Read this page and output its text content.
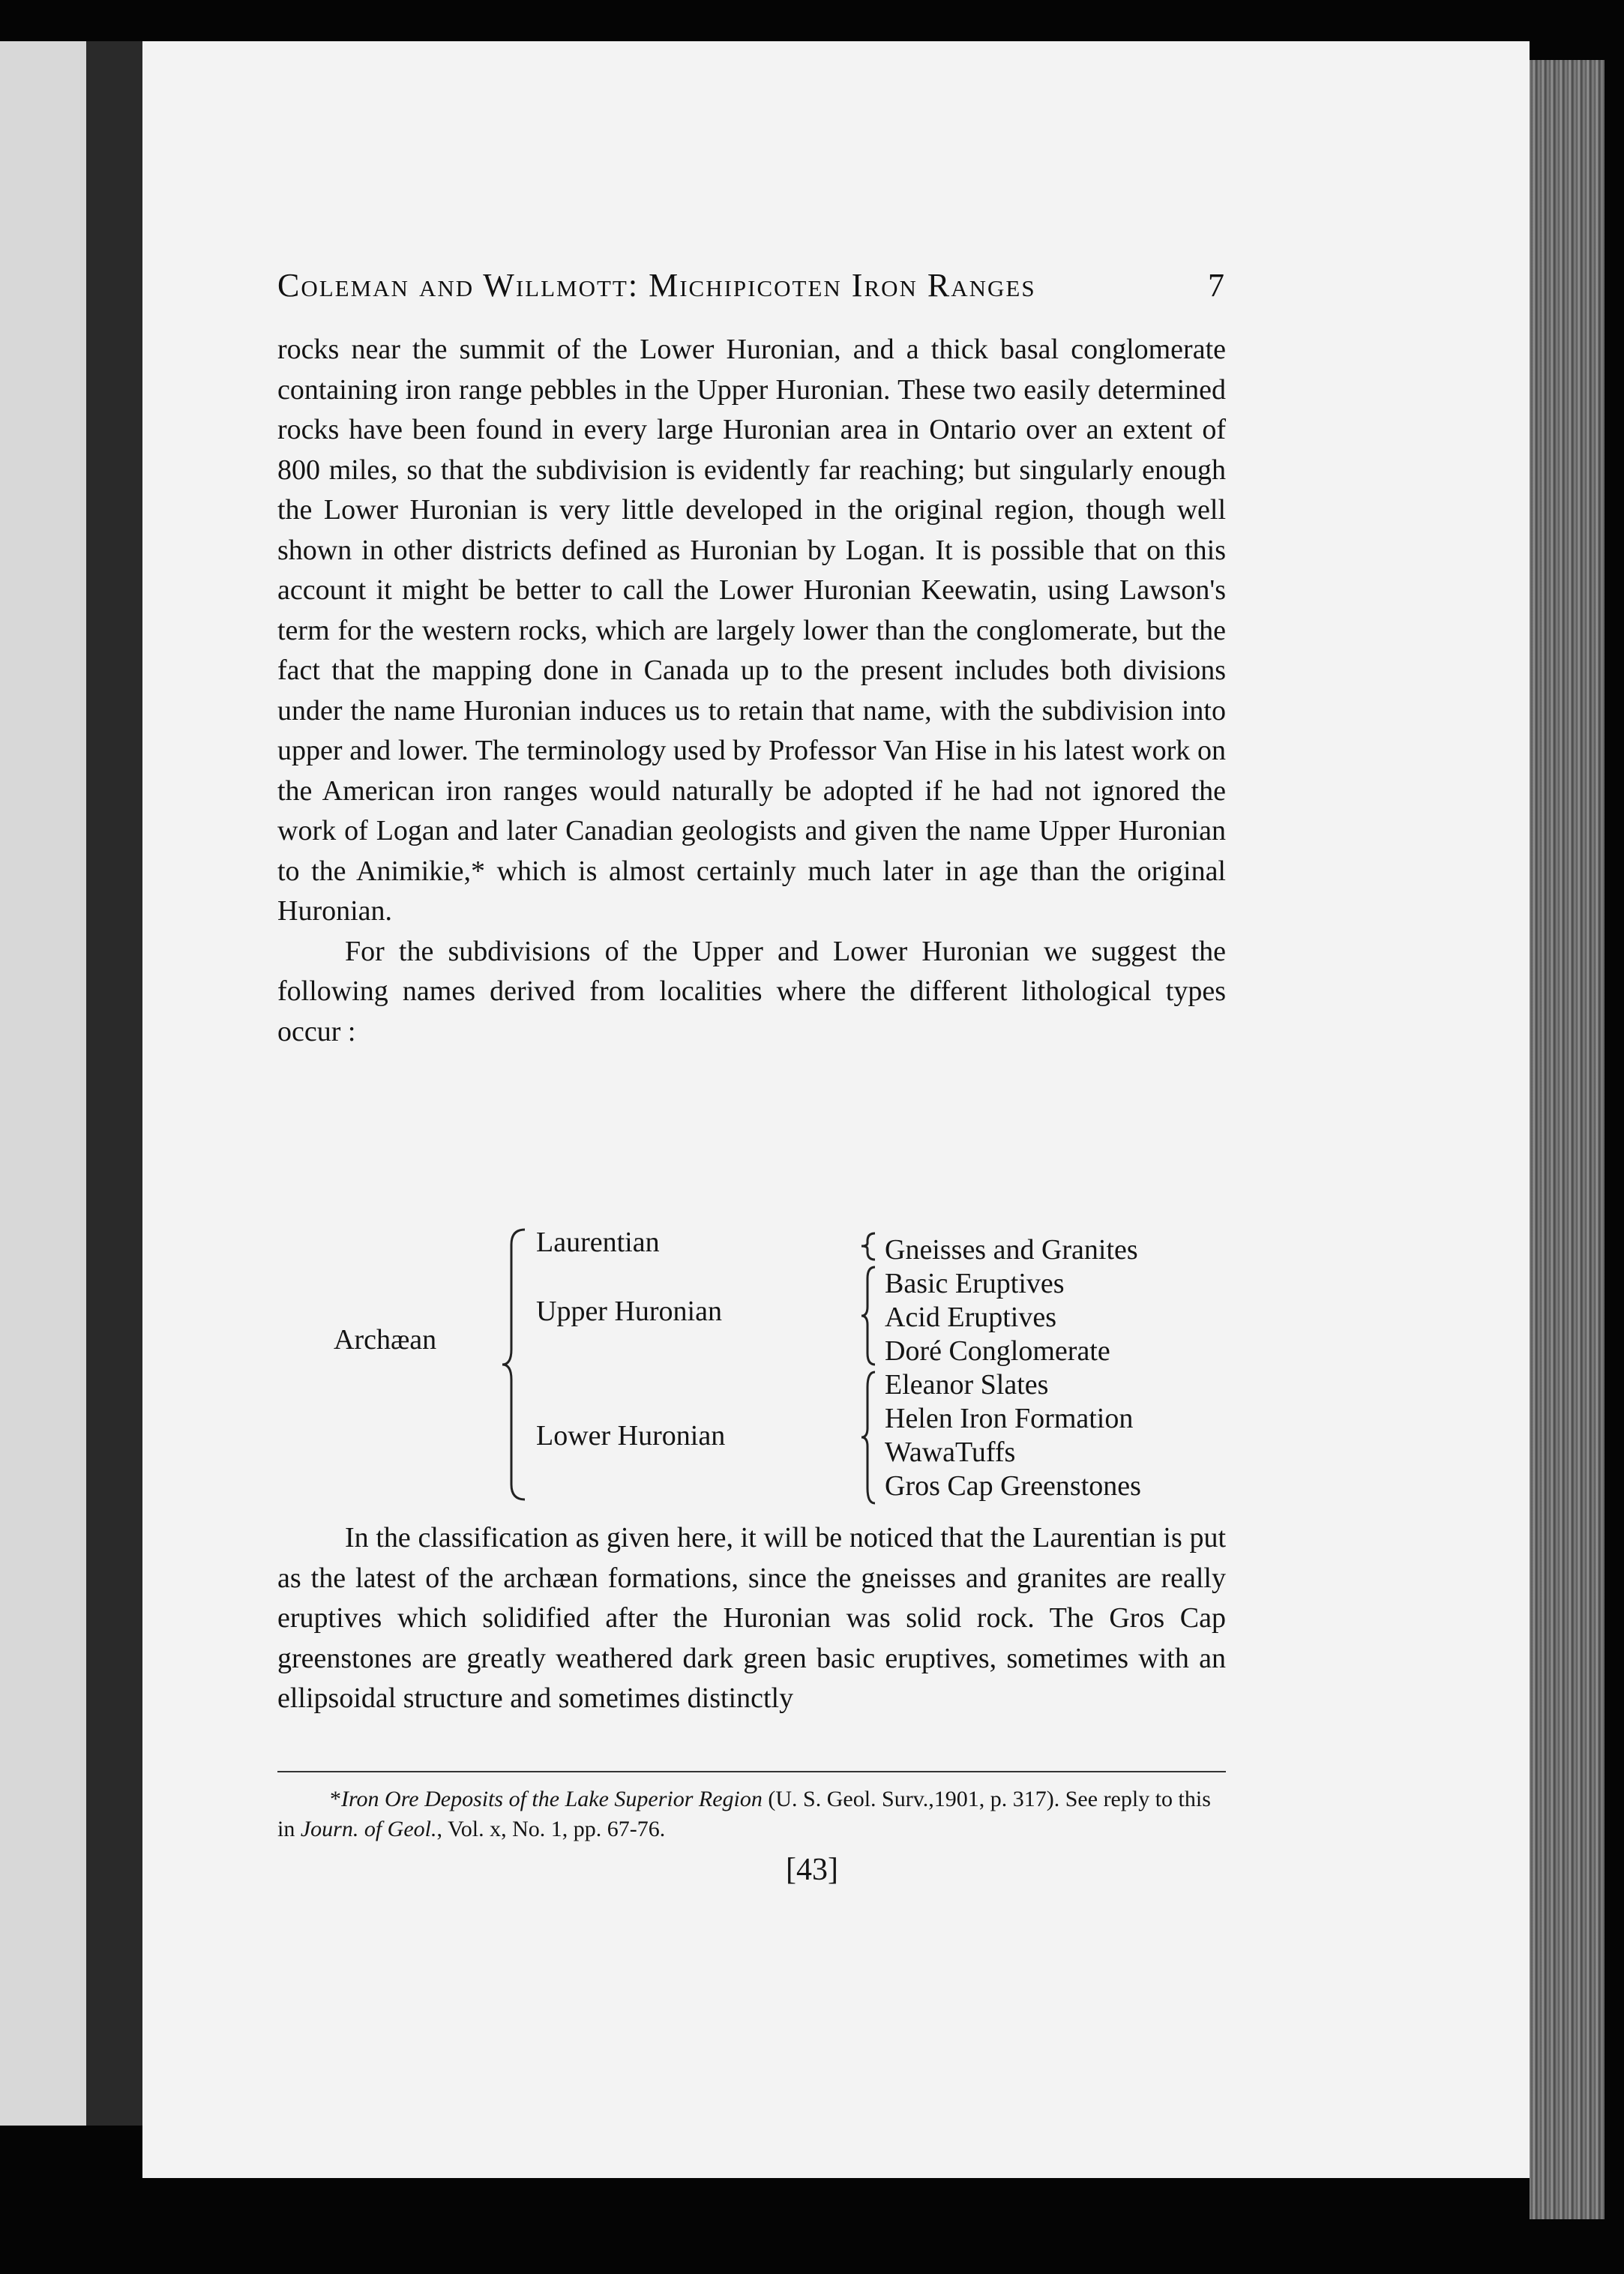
Coleman and Willmott: Michipicoten Iron Ranges	7

rocks near the summit of the Lower Huronian, and a thick basal conglomerate containing iron range pebbles in the Upper Huronian. These two easily determined rocks have been found in every large Huronian area in Ontario over an extent of 800 miles, so that the subdivision is evidently far reaching; but singularly enough the Lower Huronian is very little developed in the original region, though well shown in other districts defined as Huronian by Logan. It is possible that on this account it might be better to call the Lower Huronian Keewatin, using Lawson's term for the western rocks, which are largely lower than the conglomerate, but the fact that the mapping done in Canada up to the present includes both divisions under the name Huronian induces us to retain that name, with the subdivision into upper and lower. The terminology used by Professor Van Hise in his latest work on the American iron ranges would naturally be adopted if he had not ignored the work of Logan and later Canadian geologists and given the name Upper Huronian to the Animikie,* which is almost certainly much later in age than the original Huronian.

For the subdivisions of the Upper and Lower Huronian we suggest the following names derived from localities where the different lithological types occur :

Archæan
Laurentian
Upper Huronian
Lower Huronian
Gneisses and Granites
Basic Eruptives
Acid Eruptives
Doré Conglomerate
Eleanor Slates
Helen Iron Formation
WawaTuffs
Gros Cap Greenstones

In the classification as given here, it will be noticed that the Laurentian is put as the latest of the archæan formations, since the gneisses and granites are really eruptives which solidified after the Huronian was solid rock. The Gros Cap greenstones are greatly weathered dark green basic eruptives, sometimes with an ellipsoidal structure and sometimes distinctly

*Iron Ore Deposits of the Lake Superior Region (U. S. Geol. Surv.,1901, p. 317). See reply to this in Journ. of Geol., Vol. x, No. 1, pp. 67-76.
[43]
